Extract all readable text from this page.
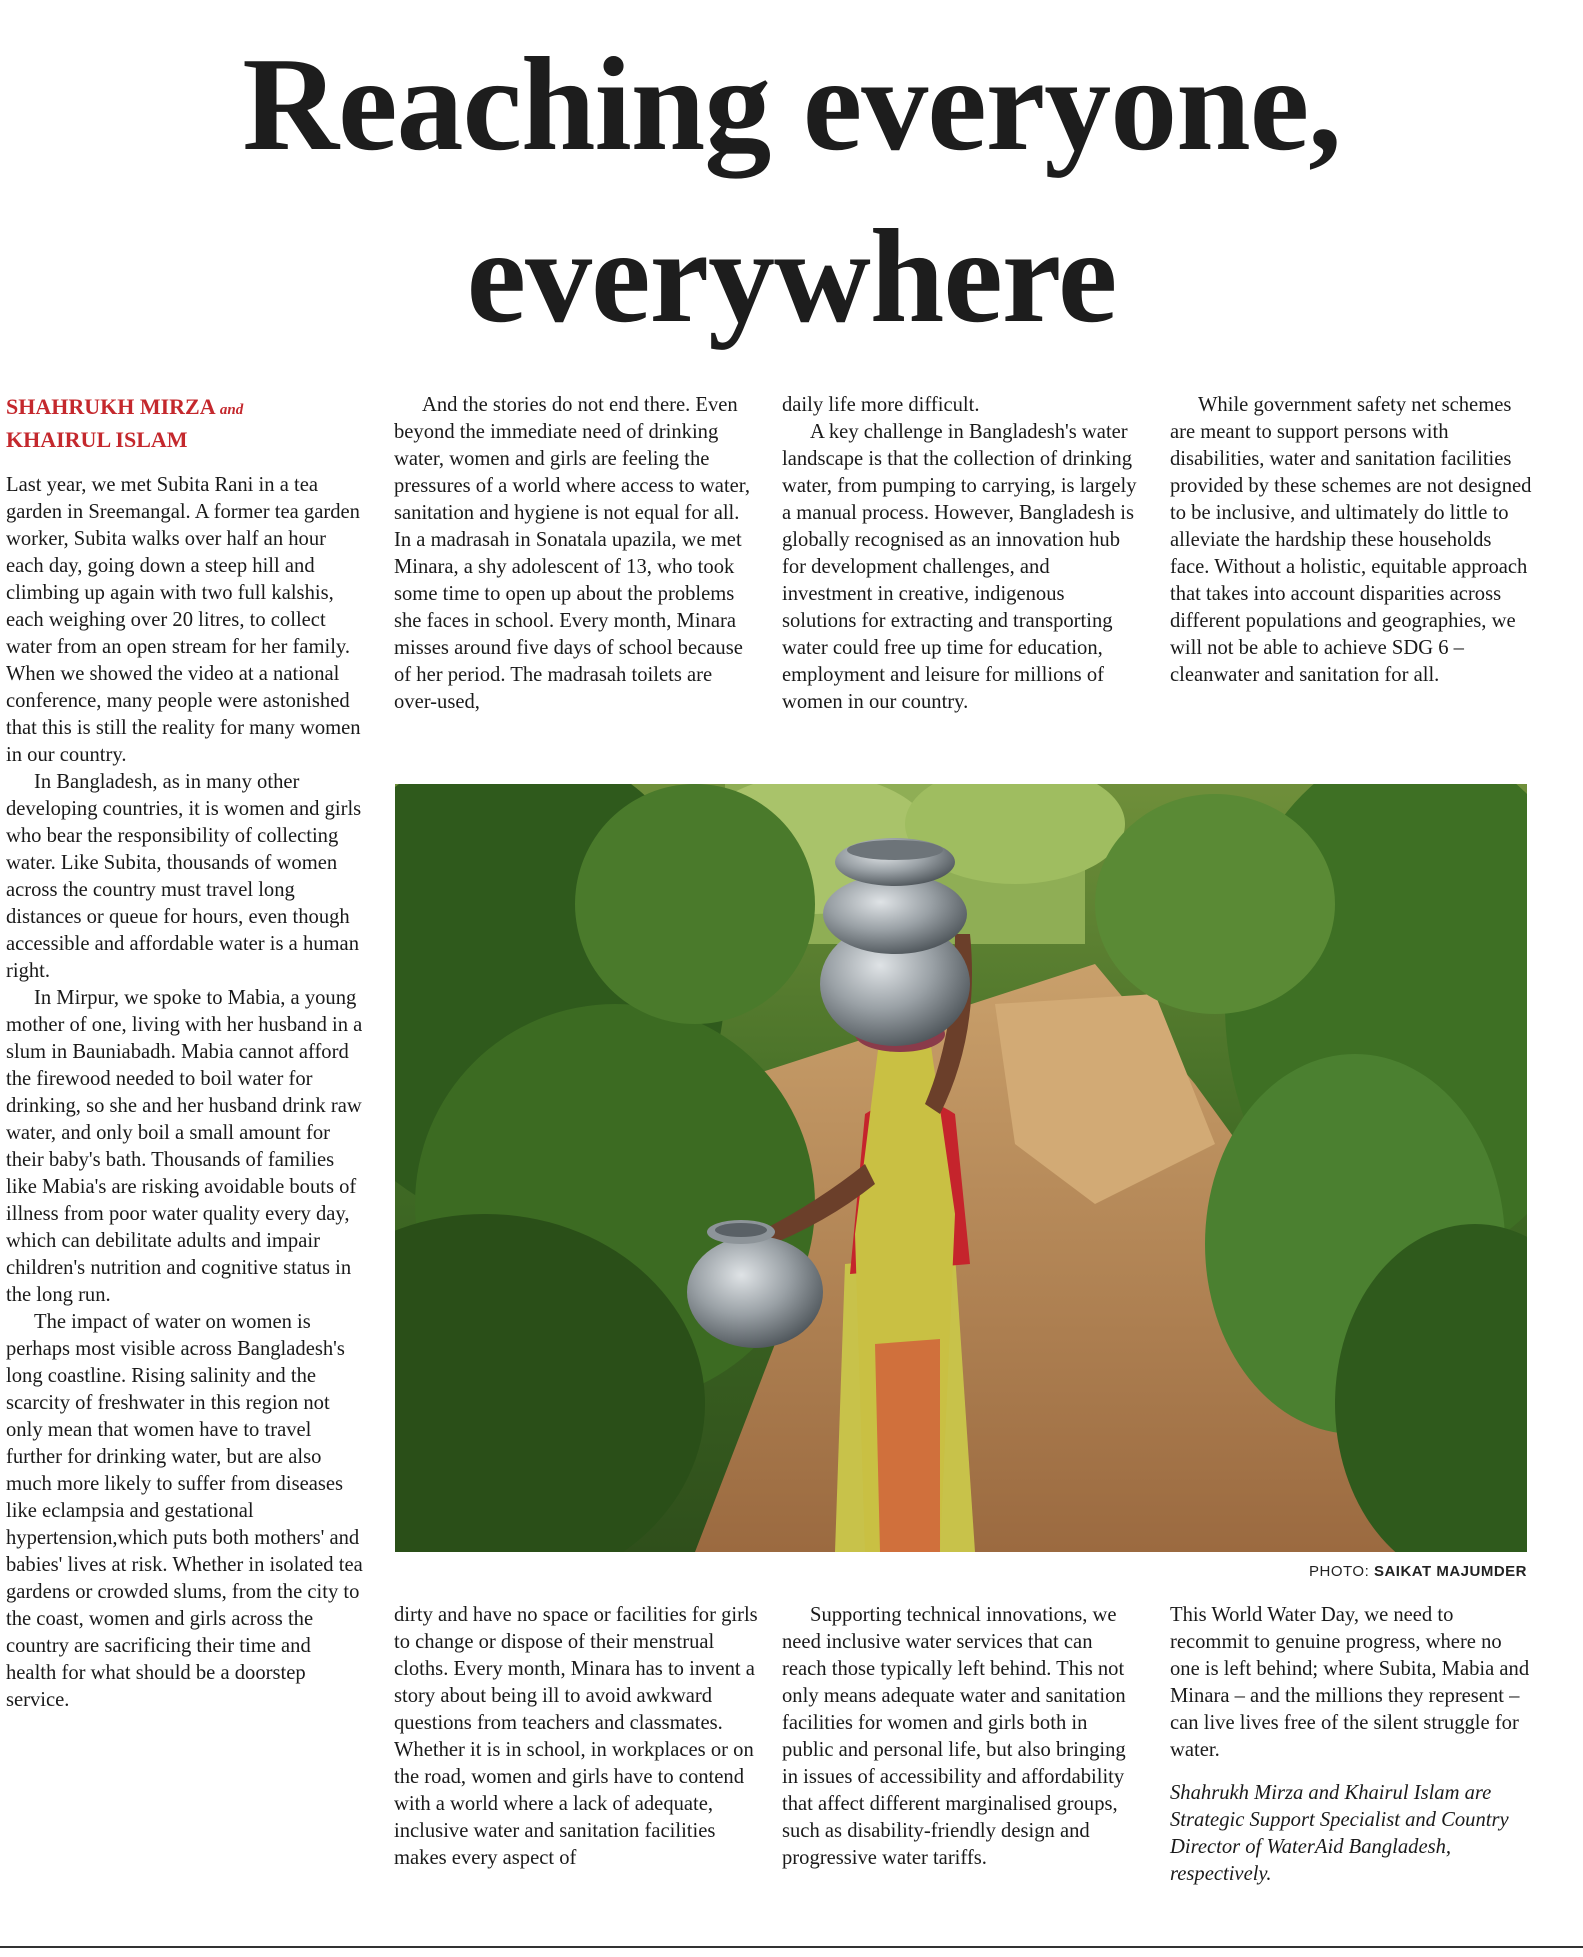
Reaching everyone,
everywhere
SHAHRUKH MIRZA and
KHAIRUL ISLAM

Last year, we met Subita Rani in a tea garden in Sreemangal. A former tea garden worker, Subita walks over half an hour each day, going down a steep hill and climbing up again with two full kalshis, each weighing over 20 litres, to collect water from an open stream for her family. When we showed the video at a national conference, many people were astonished that this is still the reality for many women in our country.

In Bangladesh, as in many other developing countries, it is women and girls who bear the responsibility of collecting water. Like Subita, thousands of women across the country must travel long distances or queue for hours, even though accessible and affordable water is a human right.

In Mirpur, we spoke to Mabia, a young mother of one, living with her husband in a slum in Bauniabadh. Mabia cannot afford the firewood needed to boil water for drinking, so she and her husband drink raw water, and only boil a small amount for their baby's bath. Thousands of families like Mabia's are risking avoidable bouts of illness from poor water quality every day, which can debilitate adults and impair children's nutrition and cognitive status in the long run.

The impact of water on women is perhaps most visible across Bangladesh's long coastline. Rising salinity and the scarcity of freshwater in this region not only mean that women have to travel further for drinking water, but are also much more likely to suffer from diseases like eclampsia and gestational hypertension,which puts both mothers' and babies' lives at risk. Whether in isolated tea gardens or crowded slums, from the city to the coast, women and girls across the country are sacrificing their time and health for what should be a doorstep service.

And the stories do not end there. Even beyond the immediate need of drinking water, women and girls are feeling the pressures of a world where access to water, sanitation and hygiene is not equal for all. In a madrasah in Sonatala upazila, we met Minara, a shy adolescent of 13, who took some time to open up about the problems she faces in school. Every month, Minara misses around five days of school because of her period. The madrasah toilets are over-used,

daily life more difficult.

A key challenge in Bangladesh's water landscape is that the collection of drinking water, from pumping to carrying, is largely a manual process. However, Bangladesh is globally recognised as an innovation hub for development challenges, and investment in creative, indigenous solutions for extracting and transporting water could free up time for education, employment and leisure for millions of women in our country.

While government safety net schemes are meant to support persons with disabilities, water and sanitation facilities provided by these schemes are not designed to be inclusive, and ultimately do little to alleviate the hardship these households face. Without a holistic, equitable approach that takes into account disparities across different populations and geographies, we will not be able to achieve SDG 6 – cleanwater and sanitation for all.

PHOTO: SAIKAT MAJUMDER

dirty and have no space or facilities for girls to change or dispose of their menstrual cloths. Every month, Minara has to invent a story about being ill to avoid awkward questions from teachers and classmates. Whether it is in school, in workplaces or on the road, women and girls have to contend with a world where a lack of adequate, inclusive water and sanitation facilities makes every aspect of

Supporting technical innovations, we need inclusive water services that can reach those typically left behind. This not only means adequate water and sanitation facilities for women and girls both in public and personal life, but also bringing in issues of accessibility and affordability that affect different marginalised groups, such as disability-friendly design and progressive water tariffs.

This World Water Day, we need to recommit to genuine progress, where no one is left behind; where Subita, Mabia and Minara – and the millions they represent – can live lives free of the silent struggle for water.

Shahrukh Mirza and Khairul Islam are Strategic Support Specialist and Country Director of WaterAid Bangladesh, respectively.
